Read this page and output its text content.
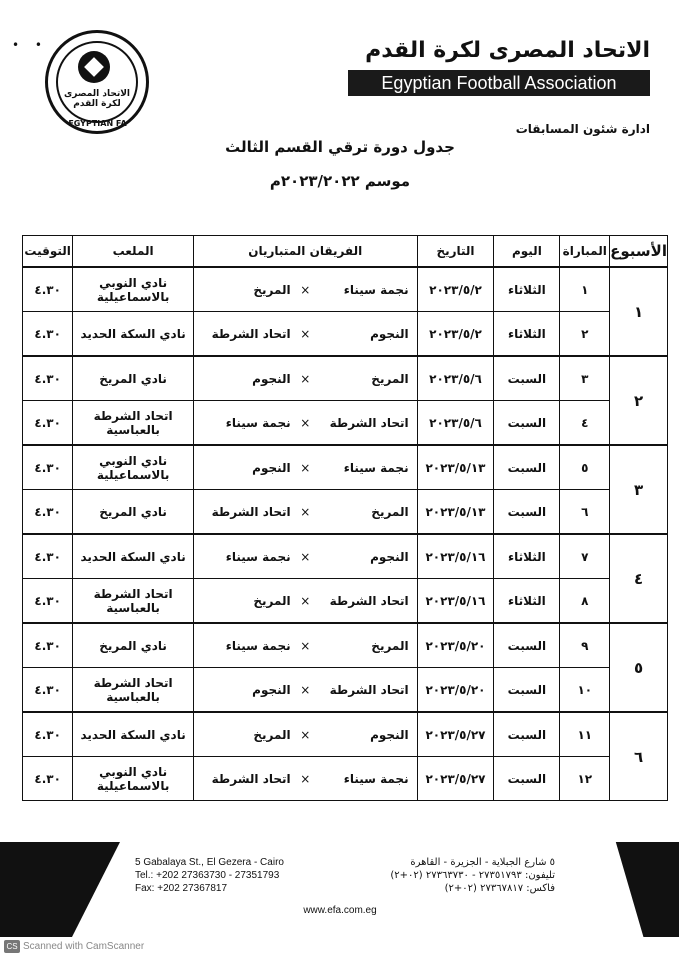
• •
الاتحاد المصرى لكرة القدم
EGYPTIAN FA
الاتحاد المصرى لكرة القدم
Egyptian Football Association
ادارة شئون المسابقات
جدول دورة ترقي القسم الثالث
موسم ٢٠٢٣/٢٠٢٢م
الأسبوع	المباراة	اليوم	التاريخ	الفريقان المتباريان			الملعب	التوقيت
١	١	الثلاثاء	٢٠٢٣/٥/٢	نجمة سيناء	×	المريخ	نادي النوبي بالاسماعيلية	٤.٣٠
	٢	الثلاثاء	٢٠٢٣/٥/٢	النجوم	×	اتحاد الشرطة	نادي السكة الحديد	٤.٣٠
٢	٣	السبت	٢٠٢٣/٥/٦	المريخ	×	النجوم	نادي المريخ	٤.٣٠
	٤	السبت	٢٠٢٣/٥/٦	اتحاد الشرطة	×	نجمة سيناء	اتحاد الشرطة بالعباسية	٤.٣٠
٣	٥	السبت	٢٠٢٣/٥/١٣	نجمة سيناء	×	النجوم	نادي النوبي بالاسماعيلية	٤.٣٠
	٦	السبت	٢٠٢٣/٥/١٣	المريخ	×	اتحاد الشرطة	نادي المريخ	٤.٣٠
٤	٧	الثلاثاء	٢٠٢٣/٥/١٦	النجوم	×	نجمة سيناء	نادي السكة الحديد	٤.٣٠
	٨	الثلاثاء	٢٠٢٣/٥/١٦	اتحاد الشرطة	×	المريخ	اتحاد الشرطة بالعباسية	٤.٣٠
٥	٩	السبت	٢٠٢٣/٥/٢٠	المريخ	×	نجمة سيناء	نادي المريخ	٤.٣٠
	١٠	السبت	٢٠٢٣/٥/٢٠	اتحاد الشرطة	×	النجوم	اتحاد الشرطة بالعباسية	٤.٣٠
٦	١١	السبت	٢٠٢٣/٥/٢٧	النجوم	×	المريخ	نادي السكة الحديد	٤.٣٠
	١٢	السبت	٢٠٢٣/٥/٢٧	نجمة سيناء	×	اتحاد الشرطة	نادي النوبي بالاسماعيلية	٤.٣٠
5 Gabalaya St., El Gezera - Cairo
Tel.: +202 27363730 - 27351793
Fax: +202 27367817
٥ شارع الجبلاية - الجزيرة - القاهرة
تليفون: ٢٧٣٥١٧٩٣ - ٢٧٣٦٣٧٣٠ (٠٢+٢)
فاكس: ٢٧٣٦٧٨١٧ (٠٢+٢)
www.efa.com.eg
CS Scanned with CamScanner
